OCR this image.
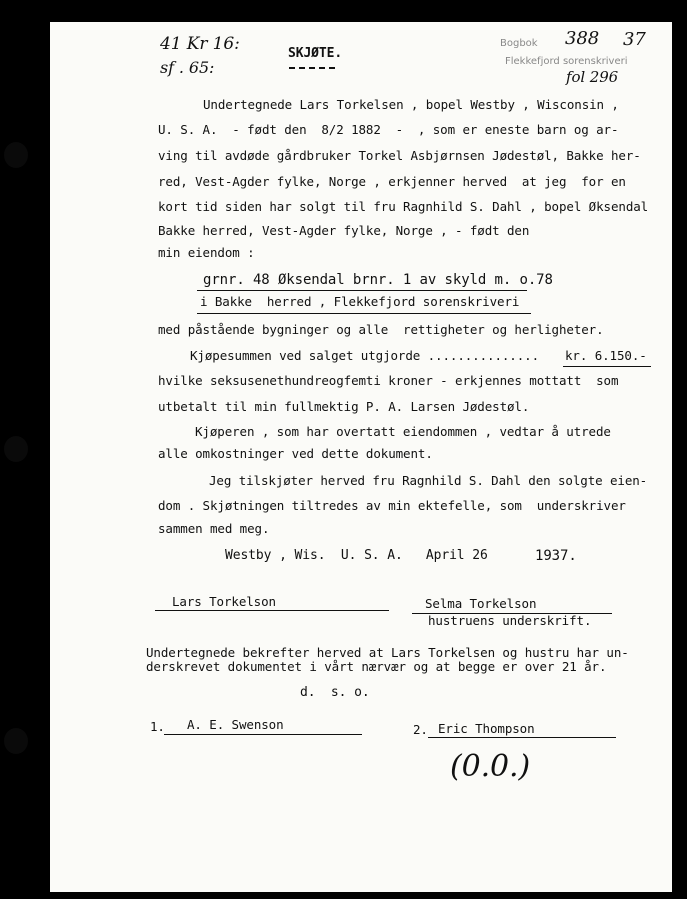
41 Kr 16:
sf . 65:
SKJØTE.
Bogbok 388 37
Flekkefjord sorenskriveri
fol 296
Undertegnede Lars Torkelsen , bopel Westby , Wisconsin ,
U. S. A.  - født den  8/2 1882  -  , som er eneste barn og ar-
ving til avdøde gårdbruker Torkel Asbjørnsen Jødestøl, Bakke her-
red, Vest-Agder fylke, Norge , erkjenner herved  at jeg  for en
kort tid siden har solgt til fru Ragnhild S. Dahl , bopel Øksendal
Bakke herred, Vest-Agder fylke, Norge , - født den
min eiendom :
grnr. 48 Øksendal brnr. 1 av skyld m. o.78
i Bakke  herred , Flekkefjord sorenskriveri
med påstående bygninger og alle  rettigheter og herligheter.
Kjøpesummen ved salget utgjorde ............... kr. 6.150.-
hvilke seksusenethundreogfemti kroner - erkjennes mottatt  som
utbetalt til min fullmektig P. A. Larsen Jødestøl.
Kjøperen , som har overtatt eiendommen , vedtar å utrede
alle omkostninger ved dette dokument.
Jeg tilskjøter herved fru Ragnhild S. Dahl den solgte eien-
dom . Skjøtningen tiltredes av min ektefelle, som  underskriver
sammen med meg.
Westby , Wis.  U. S. A.   April 26	1937.
Lars Torkelson	Selma Torkelson
hustruens underskrift.
Undertegnede bekrefter herved at Lars Torkelsen og hustru har un-
derskrevet dokumentet i vårt nærvær og at begge er over 21 år.
d.  s. o.
1. A. E. Swenson	2. Eric Thompson
(0.0.)
